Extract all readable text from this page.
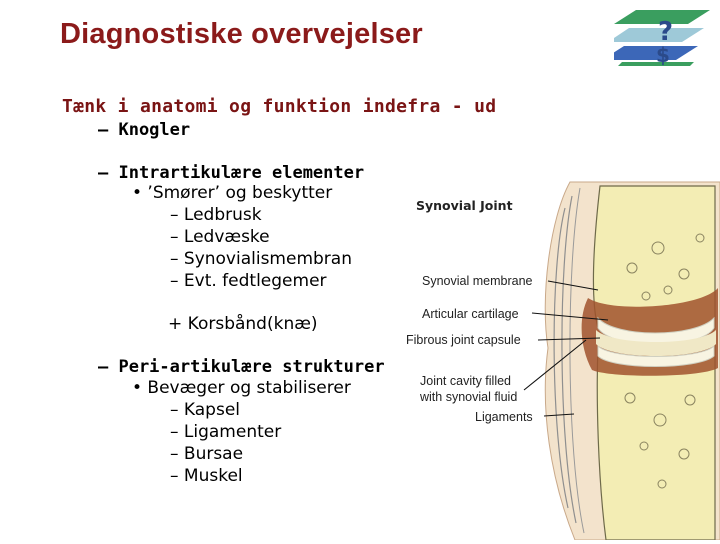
Diagnostiske overvejelser	?
$
Tænk i anatomi og funktion indefra - ud
– Knogler
– Intrartikulære elementer
• ’Smører’ og beskytter
– Ledbrusk
– Ledvæske
– Synovialismembran
– Evt. fedtlegemer
+ Korsbånd(knæ)
– Peri-artikulære strukturer
• Bevæger og stabiliserer
– Kapsel
– Ligamenter
– Bursae
– Muskel
Synovial Joint
Synovial membrane
Articular cartilage
Fibrous joint capsule
Joint cavity filled
with synovial fluid
Ligaments
